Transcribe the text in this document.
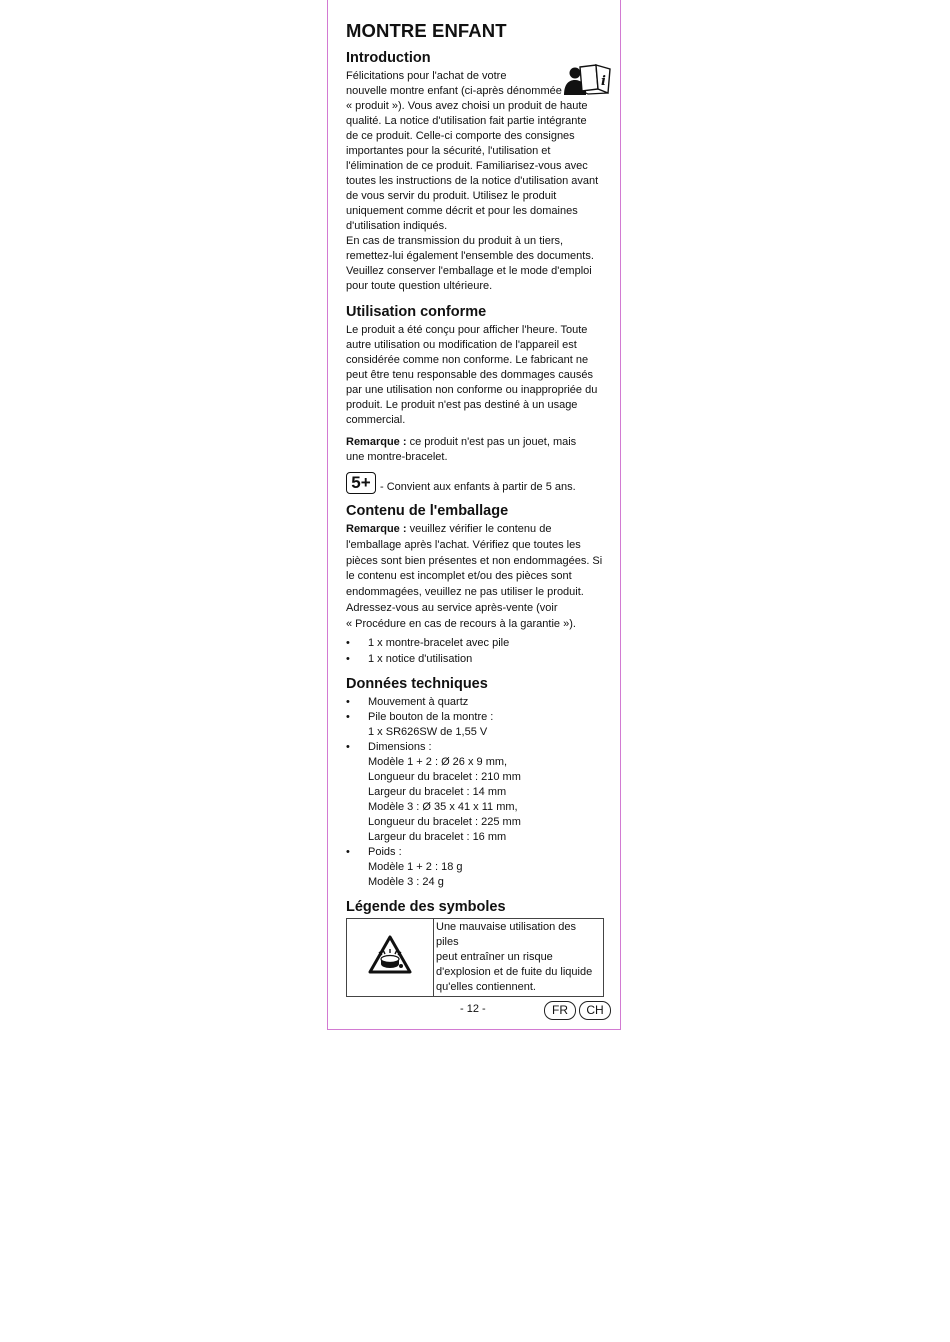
MONTRE ENFANT
Introduction
i

Félicitations pour l'achat de votre
nouvelle montre enfant (ci-après dénommée
« produit »). Vous avez choisi un produit de haute
qualité. La notice d'utilisation fait partie intégrante
de ce produit. Celle-ci comporte des consignes
importantes pour la sécurité, l'utilisation et
l'élimination de ce produit. Familiarisez-vous avec
toutes les instructions de la notice d'utilisation avant
de vous servir du produit. Utilisez le produit
uniquement comme décrit et pour les domaines
d'utilisation indiqués.

En cas de transmission du produit à un tiers,
remettez-lui également l'ensemble des documents.
Veuillez conserver l'emballage et le mode d'emploi
pour toute question ultérieure.

Utilisation conforme

Le produit a été conçu pour afficher l'heure. Toute
autre utilisation ou modification de l'appareil est
considérée comme non conforme. Le fabricant ne
peut être tenu responsable des dommages causés
par une utilisation non conforme ou inappropriée du
produit. Le produit n'est pas destiné à un usage
commercial.

Remarque : ce produit n'est pas un jouet, mais
une montre-bracelet.

5+ - Convient aux enfants à partir de 5 ans.
Contenu de l'emballage

Remarque : veuillez vérifier le contenu de
l'emballage après l'achat. Vérifiez que toutes les
pièces sont bien présentes et non endommagées. Si
le contenu est incomplet et/ou des pièces sont
endommagées, veuillez ne pas utiliser le produit.
Adressez-vous au service après-vente (voir
« Procédure en cas de recours à la garantie »).

• 1 x montre-bracelet avec pile
• 1 x notice d'utilisation
Données techniques
• Mouvement à quartz
• Pile bouton de la montre :
1 x SR626SW de 1,55 V
• Dimensions :
Modèle 1 + 2 : Ø 26 x 9 mm,
Longueur du bracelet : 210 mm
Largeur du bracelet : 14 mm
Modèle 3 : Ø 35 x 41 x 11 mm,
Longueur du bracelet : 225 mm
Largeur du bracelet : 16 mm
• Poids :
Modèle 1 + 2 : 18 g
Modèle 3 : 24 g
Légende des symboles

Une mauvaise utilisation des piles
peut entraîner un risque
d'explosion et de fuite du liquide
qu'elles contiennent.
- 12 -	FR	CH
